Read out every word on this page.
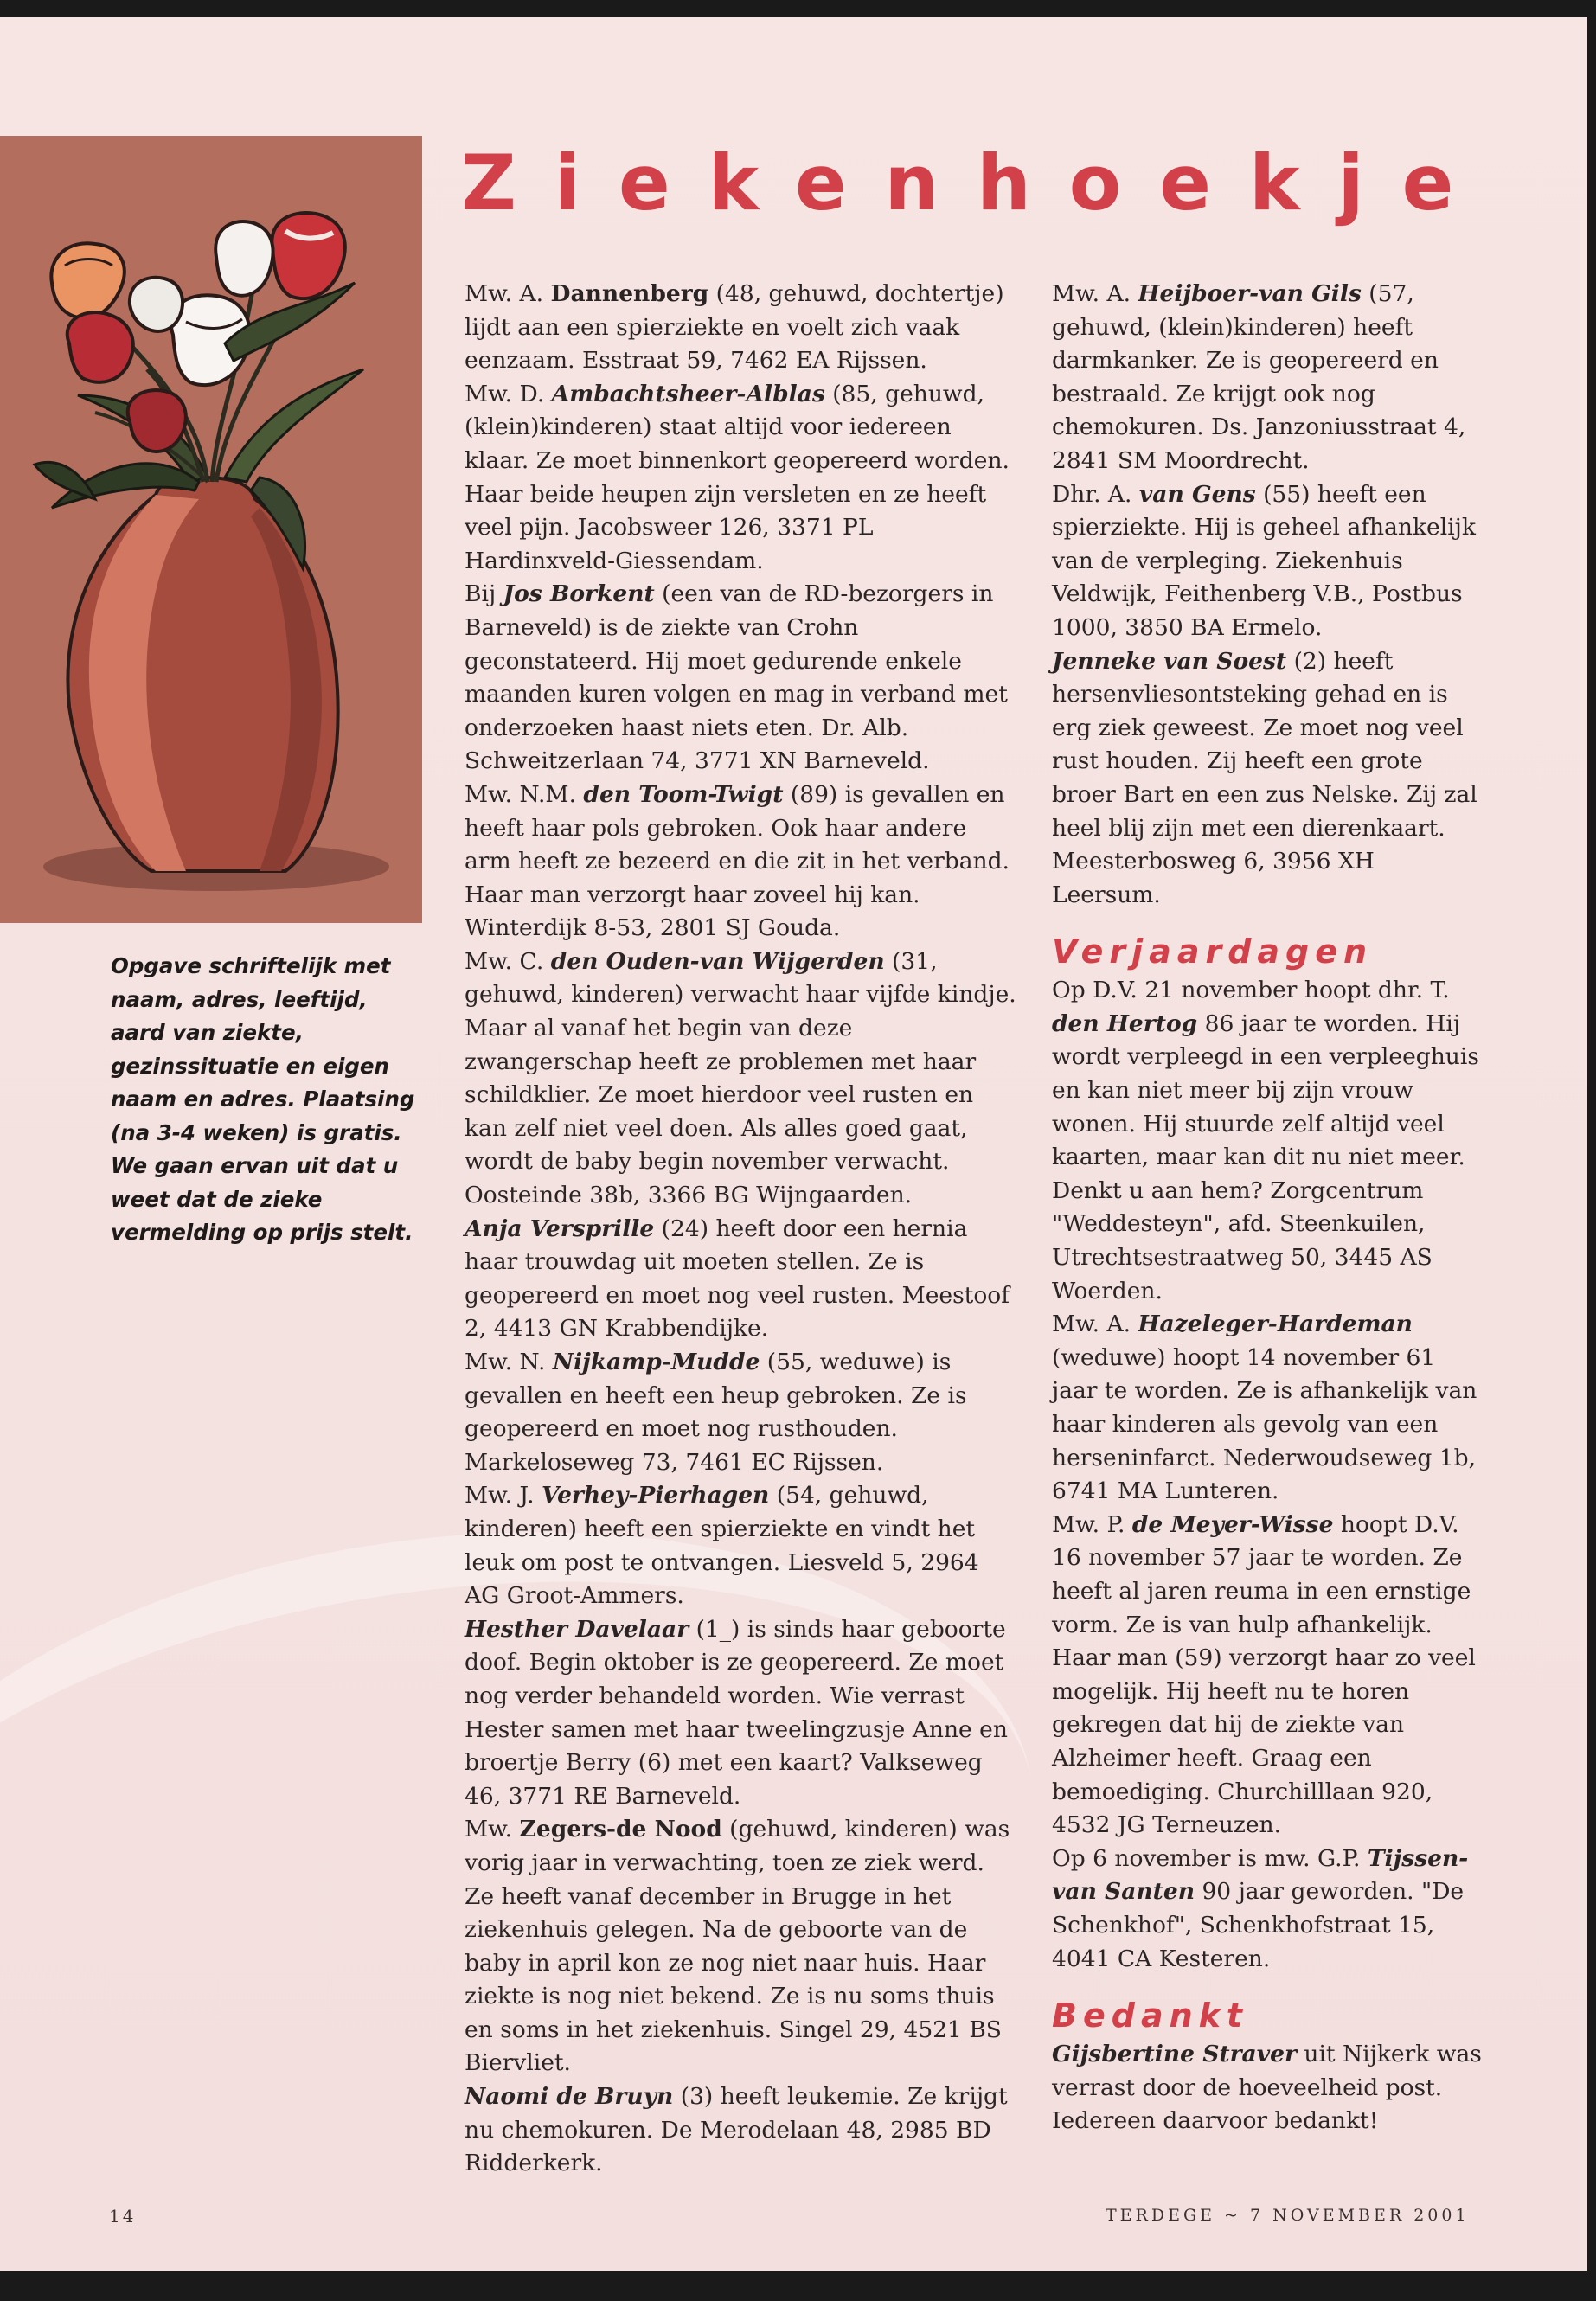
Ziekenhoekje

Opgave schriftelijk met naam, adres, leeftijd, aard van ziekte, gezinssituatie en eigen naam en adres. Plaatsing (na 3-4 weken) is gratis. We gaan ervan uit dat u weet dat de zieke vermelding op prijs stelt.

Mw. A. Dannenberg (48, gehuwd, dochtertje) lijdt aan een spierziekte en voelt zich vaak eenzaam. Esstraat 59, 7462 EA Rijssen.

Mw. D. Ambachtsheer-Alblas (85, gehuwd, (klein)kinderen) staat altijd voor iedereen klaar. Ze moet binnenkort geopereerd worden. Haar beide heupen zijn versleten en ze heeft veel pijn. Jacobsweer 126, 3371 PL Hardinxveld-Giessendam.

Bij Jos Borkent (een van de RD-bezorgers in Barneveld) is de ziekte van Crohn geconstateerd. Hij moet gedurende enkele maanden kuren volgen en mag in verband met onderzoeken haast niets eten. Dr. Alb. Schweitzerlaan 74, 3771 XN Barneveld.

Mw. N.M. den Toom-Twigt (89) is gevallen en heeft haar pols gebroken. Ook haar andere arm heeft ze bezeerd en die zit in het verband. Haar man verzorgt haar zoveel hij kan. Winterdijk 8-53, 2801 SJ Gouda.

Mw. C. den Ouden-van Wijgerden (31, gehuwd, kinderen) verwacht haar vijfde kindje. Maar al vanaf het begin van deze zwangerschap heeft ze problemen met haar schildklier. Ze moet hierdoor veel rusten en kan zelf niet veel doen. Als alles goed gaat, wordt de baby begin november verwacht. Oosteinde 38b, 3366 BG Wijngaarden.

Anja Versprille (24) heeft door een hernia haar trouwdag uit moeten stellen. Ze is geopereerd en moet nog veel rusten. Meestoof 2, 4413 GN Krabbendijke.

Mw. N. Nijkamp-Mudde (55, weduwe) is gevallen en heeft een heup gebroken. Ze is geopereerd en moet nog rusthouden. Markeloseweg 73, 7461 EC Rijssen.

Mw. J. Verhey-Pierhagen (54, gehuwd, kinderen) heeft een spierziekte en vindt het leuk om post te ontvangen. Liesveld 5, 2964 AG Groot-Ammers.

Hesther Davelaar (1_) is sinds haar geboorte doof. Begin oktober is ze geopereerd. Ze moet nog verder behandeld worden. Wie verrast Hester samen met haar tweelingzusje Anne en broertje Berry (6) met een kaart? Valkseweg 46, 3771 RE Barneveld.

Mw. Zegers-de Nood (gehuwd, kinderen) was vorig jaar in verwachting, toen ze ziek werd. Ze heeft vanaf december in Brugge in het ziekenhuis gelegen. Na de geboorte van de baby in april kon ze nog niet naar huis. Haar ziekte is nog niet bekend. Ze is nu soms thuis en soms in het ziekenhuis. Singel 29, 4521 BS Biervliet.

Naomi de Bruyn (3) heeft leukemie. Ze krijgt nu chemokuren. De Merodelaan 48, 2985 BD Ridderkerk.

Mw. A. Heijboer-van Gils (57, gehuwd, (klein)kinderen) heeft darmkanker. Ze is geopereerd en bestraald. Ze krijgt ook nog chemokuren. Ds. Janzoniusstraat 4, 2841 SM Moordrecht.

Dhr. A. van Gens (55) heeft een spierziekte. Hij is geheel afhankelijk van de verpleging. Ziekenhuis Veldwijk, Feithenberg V.B., Postbus 1000, 3850 BA Ermelo.

Jenneke van Soest (2) heeft hersenvliesontsteking gehad en is erg ziek geweest. Ze moet nog veel rust houden. Zij heeft een grote broer Bart en een zus Nelske. Zij zal heel blij zijn met een dierenkaart. Meesterbosweg 6, 3956 XH Leersum.

Verjaardagen

Op D.V. 21 november hoopt dhr. T. den Hertog 86 jaar te worden. Hij wordt verpleegd in een verpleeghuis en kan niet meer bij zijn vrouw wonen. Hij stuurde zelf altijd veel kaarten, maar kan dit nu niet meer. Denkt u aan hem? Zorgcentrum "Weddesteyn", afd. Steenkuilen, Utrechtsestraatweg 50, 3445 AS Woerden.

Mw. A. Hazeleger-Hardeman (weduwe) hoopt 14 november 61 jaar te worden. Ze is afhankelijk van haar kinderen als gevolg van een herseninfarct. Nederwoudseweg 1b, 6741 MA Lunteren.

Mw. P. de Meyer-Wisse hoopt D.V. 16 november 57 jaar te worden. Ze heeft al jaren reuma in een ernstige vorm. Ze is van hulp afhankelijk. Haar man (59) verzorgt haar zo veel mogelijk. Hij heeft nu te horen gekregen dat hij de ziekte van Alzheimer heeft. Graag een bemoediging. Churchilllaan 920, 4532 JG Terneuzen.

Op 6 november is mw. G.P. Tijssen-van Santen 90 jaar geworden. "De Schenkhof", Schenkhofstraat 15, 4041 CA Kesteren.

Bedankt

Gijsbertine Straver uit Nijkerk was verrast door de hoeveelheid post. Iedereen daarvoor bedankt!

14	TERDEGE ~ 7 NOVEMBER 2001
